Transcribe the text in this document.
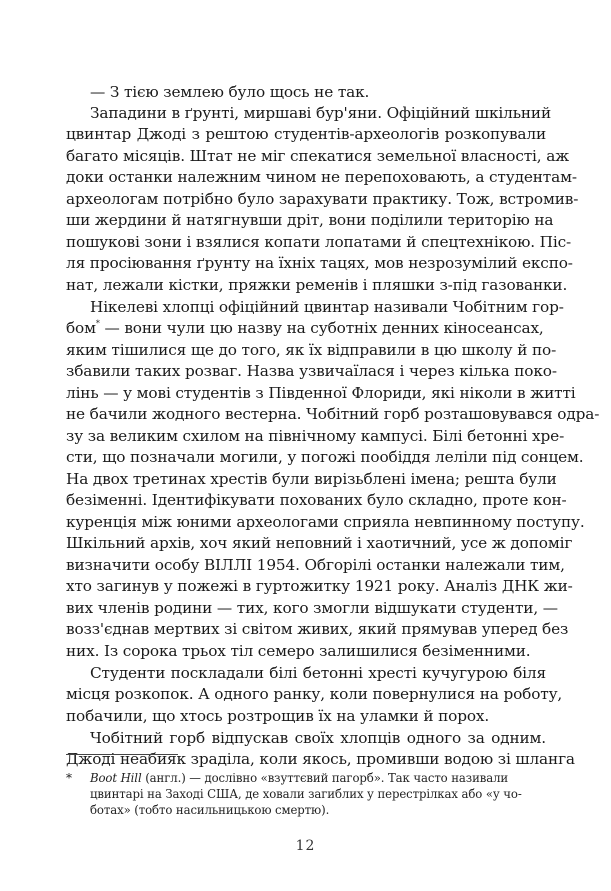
— З тією землею було щось не так.

Западини в ґрунті, миршаві бур'яни. Офіційний шкільний

цвинтар Джоді з рештою студентів-археологів розкопували

багато місяців. Штат не міг спекатися земельної власності, аж

доки останки належним чином не перепоховають, а студентам-

археологам потрібно було зарахувати практику. Тож, встромив-

ши жердини й натягнувши дріт, вони поділили територію на

пошукові зони і взялися копати лопатами й спецтехнікою. Піс-

ля просіювання ґрунту на їхніх тацях, мов незрозумілий експо-

нат, лежали кістки, пряжки ременів і пляшки з-під газованки.

Нікелеві хлопці офіційний цвинтар називали Чобітним гор-

бом* — вони чули цю назву на суботніх денних кіносеансах,

яким тішилися ще до того, як їх відправили в цю школу й по-

збавили таких розваг. Назва узвичаїлася і через кілька поко-

лінь — у мові студентів з Південної Флориди, які ніколи в житті

не бачили жодного вестерна. Чобітний горб розташовувався одра-

зу за великим схилом на північному кампусі. Білі бетонні хре-

сти, що позначали могили, у погожі пообіддя леліли під сонцем.

На двох третинах хрестів були вирізьблені імена; решта були

безіменні. Ідентифікувати похованих було складно, проте кон-

куренція між юними археологами сприяла невпинному поступу.

Шкільний архів, хоч який неповний і хаотичний, усе ж допоміг

визначити особу ВІЛЛІ 1954. Обгорілі останки належали тим,

хто загинув у пожежі в гуртожитку 1921 року. Аналіз ДНК жи-

вих членів родини — тих, кого змогли відшукати студенти, —

возз'єднав мертвих зі світом живих, який прямував уперед без

них. Із сорока трьох тіл семеро залишилися безіменними.

Студенти поскладали білі бетонні хресті кучугурою біля

місця розкопок. А одного ранку, коли повернулися на роботу,

побачили, що хтось розтрощив їх на уламки й порох.

Чобітний горб відпускав своїх хлопців одного за одним.

Джоді неабияк зраділа, коли якось, промивши водою зі шланга

* Boot Hill (англ.) — дослівно «взуттєвий пагорб». Так часто називали

цвинтарі на Заході США, де ховали загиблих у перестрілках або «у чо-

ботах» (тобто насильницькою смертю).

12
